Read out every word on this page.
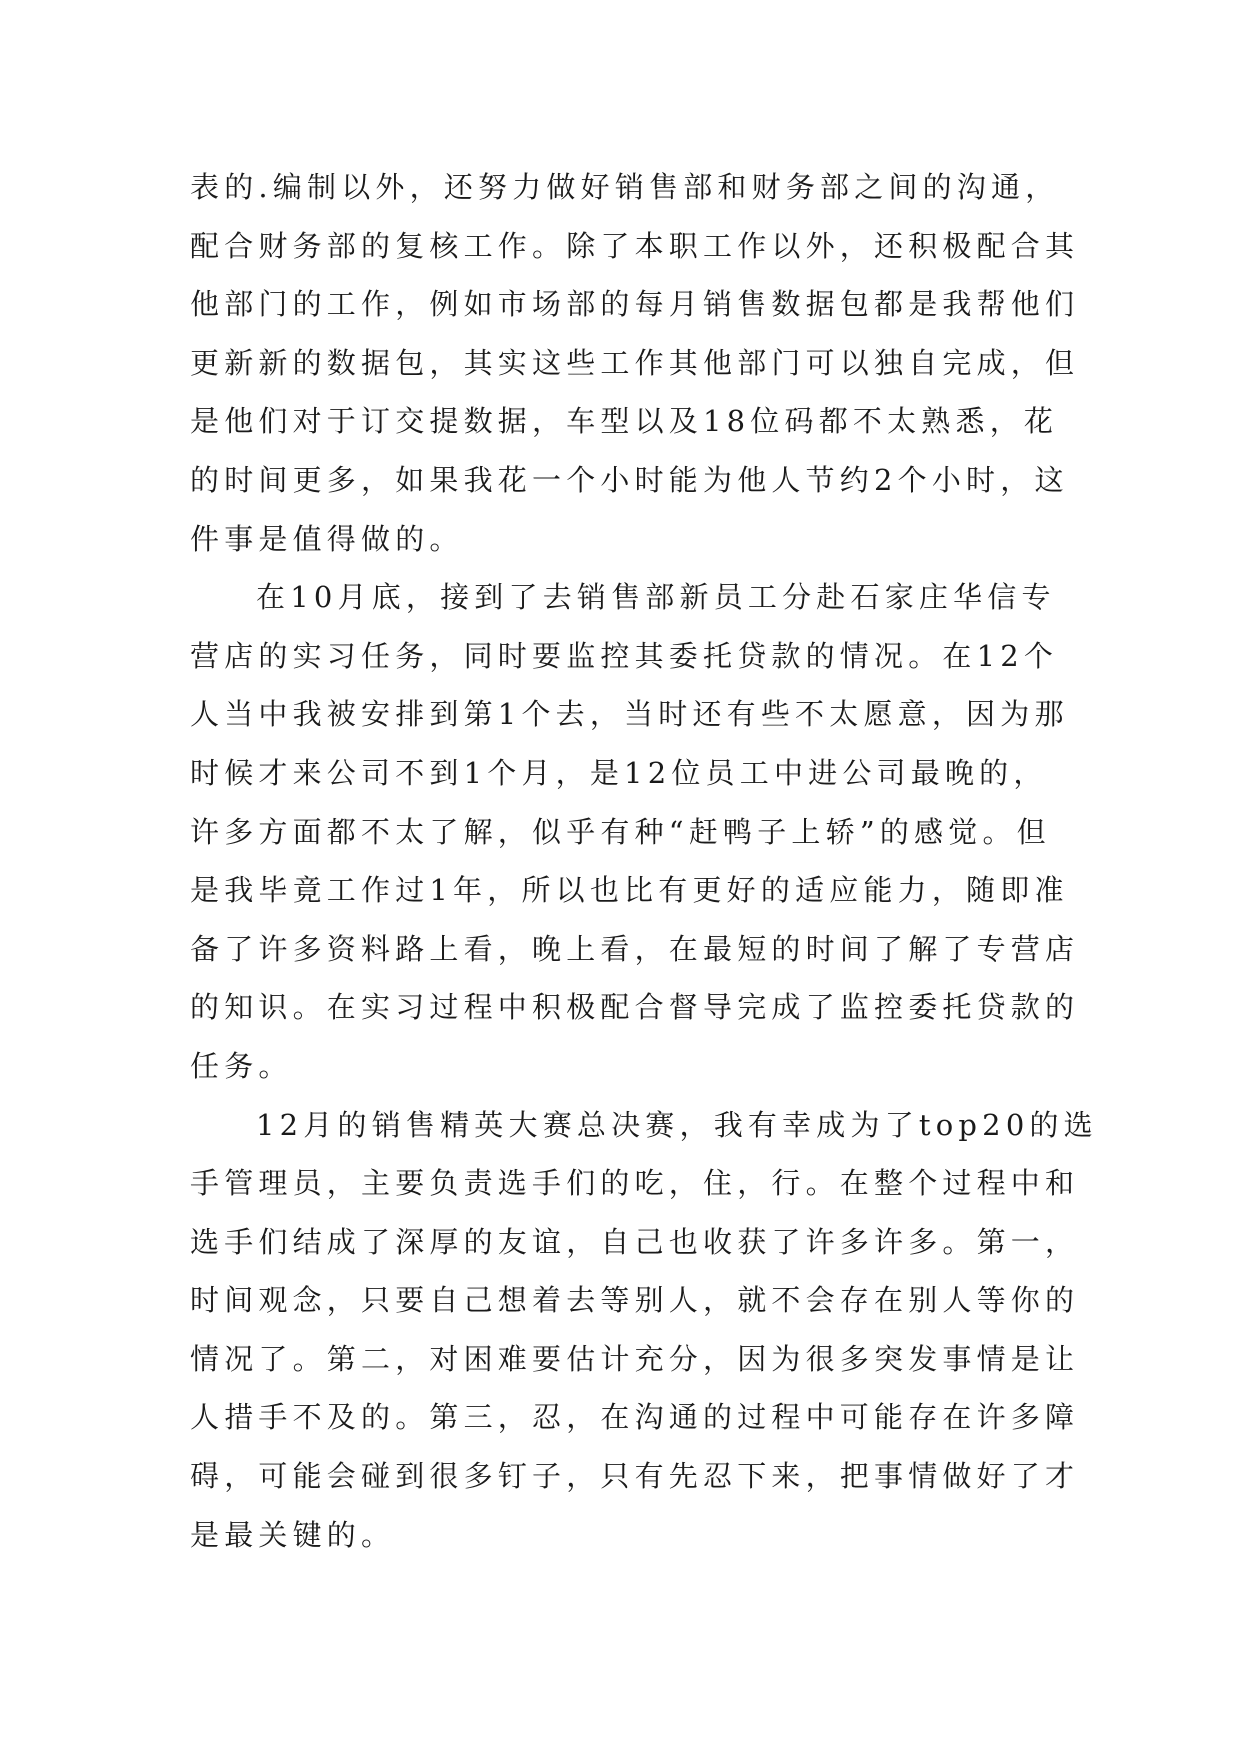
表的.编制以外，还努力做好销售部和财务部之间的沟通，
配合财务部的复核工作。除了本职工作以外，还积极配合其
他部门的工作，例如市场部的每月销售数据包都是我帮他们
更新新的数据包，其实这些工作其他部门可以独自完成，但
是他们对于订交提数据，车型以及18位码都不太熟悉，花
的时间更多，如果我花一个小时能为他人节约2个小时，这
件事是值得做的。
在10月底，接到了去销售部新员工分赴石家庄华信专
营店的实习任务，同时要监控其委托贷款的情况。在12个
人当中我被安排到第1个去，当时还有些不太愿意，因为那
时候才来公司不到1个月，是12位员工中进公司最晚的，
许多方面都不太了解，似乎有种“赶鸭子上轿”的感觉。但
是我毕竟工作过1年，所以也比有更好的适应能力，随即准
备了许多资料路上看，晚上看，在最短的时间了解了专营店
的知识。在实习过程中积极配合督导完成了监控委托贷款的
任务。
12月的销售精英大赛总决赛，我有幸成为了top20的选
手管理员，主要负责选手们的吃，住，行。在整个过程中和
选手们结成了深厚的友谊，自己也收获了许多许多。第一，
时间观念，只要自己想着去等别人，就不会存在别人等你的
情况了。第二，对困难要估计充分，因为很多突发事情是让
人措手不及的。第三，忍，在沟通的过程中可能存在许多障
碍，可能会碰到很多钉子，只有先忍下来，把事情做好了才
是最关键的。
